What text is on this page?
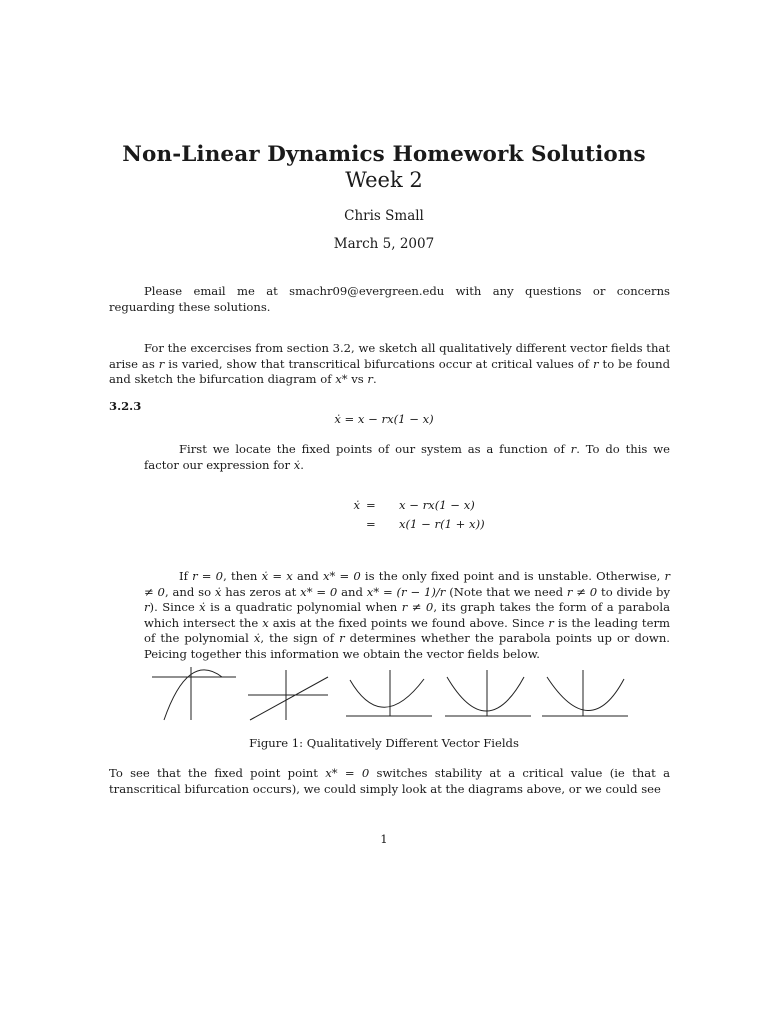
Non-Linear Dynamics Homework Solutions
Week 2
Chris Small
March 5, 2007
Please email me at smachr09@evergreen.edu with any questions or concerns reguarding these solutions.
For the excercises from section 3.2, we sketch all qualitatively different vector fields that arise as r is varied, show that transcritical bifurcations occur at critical values of r to be found and sketch the bifurcation diagram of x* vs r.
3.2.3
ẋ = x − rx(1 − x)
First we locate the fixed points of our system as a function of r. To do this we factor our expression for ẋ.
ẋ = x − rx(1 − x)
= x(1 − r(1 + x))
If r = 0, then ẋ = x and x* = 0 is the only fixed point and is unstable. Otherwise, r ≠ 0, and so ẋ has zeros at x* = 0 and x* = (r − 1)/r (Note that we need r ≠ 0 to divide by r). Since ẋ is a quadratic polynomial when r ≠ 0, its graph takes the form of a parabola which intersect the x axis at the fixed points we found above. Since r is the leading term of the polynomial ẋ, the sign of r determines whether the parabola points up or down. Peicing together this information we obtain the vector fields below.
Figure 1: Qualitatively Different Vector Fields
To see that the fixed point point x* = 0 switches stability at a critical value (ie that a transcritical bifurcation occurs), we could simply look at the diagrams above, or we could see
1
